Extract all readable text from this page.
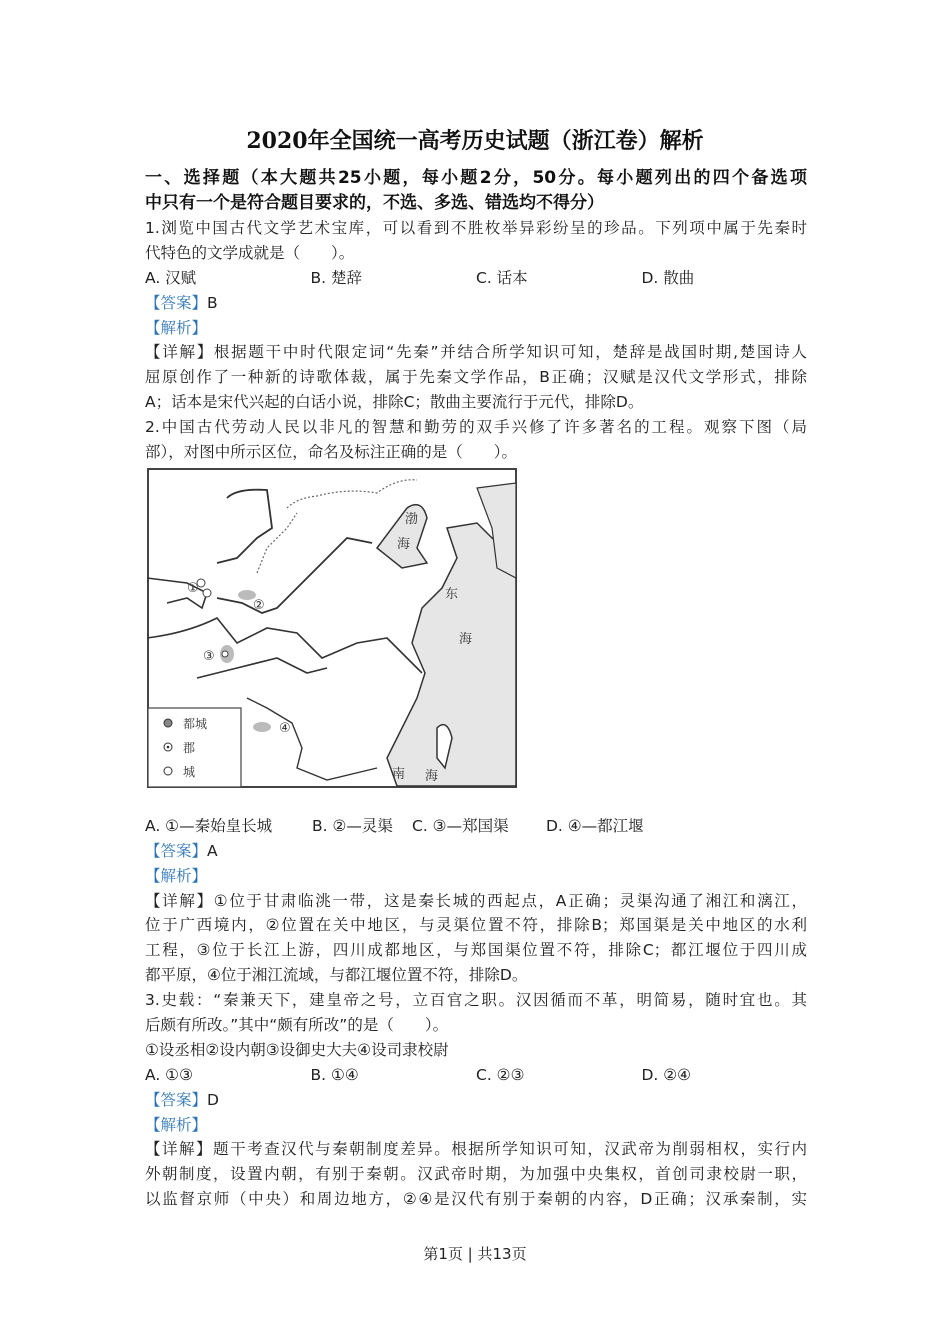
2020年全国统一高考历史试题（浙江卷）解析
一、选择题（本大题共25小题，每小题2分，50分。每小题列出的四个备选项
中只有一个是符合题目要求的，不选、多选、错选均不得分）
1.浏览中国古代文学艺术宝库，可以看到不胜枚举异彩纷呈的珍品。下列项中属于先秦时
代特色的文学成就是（　　）。
A. 汉赋	B. 楚辞	C. 话本	D. 散曲
【答案】B
【解析】
【详解】根据题干中时代限定词“先秦”并结合所学知识可知，楚辞是战国时期,楚国诗人
屈原创作了一种新的诗歌体裁，属于先秦文学作品，B正确；汉赋是汉代文学形式，排除
A；话本是宋代兴起的白话小说，排除C；散曲主要流行于元代，排除D。
2.中国古代劳动人民以非凡的智慧和勤劳的双手兴修了许多著名的工程。观察下图（局
部），对图中所示区位，命名及标注正确的是（　　）。
①
②
③
④
渤
海
东
海
南 海
都城
郡
城
A. ①—秦始皇长城	B. ②—灵渠	C. ③—郑国渠	D. ④—都江堰
【答案】A
【解析】
【详解】①位于甘肃临洮一带，这是秦长城的西起点，A正确；灵渠沟通了湘江和漓江，
位于广西境内，②位置在关中地区，与灵渠位置不符，排除B；郑国渠是关中地区的水利
工程，③位于长江上游，四川成都地区，与郑国渠位置不符，排除C；都江堰位于四川成
都平原，④位于湘江流域，与都江堰位置不符，排除D。
3.史载：“秦兼天下，建皇帝之号，立百官之职。汉因循而不革，明简易，随时宜也。其
后颇有所改。”其中“颇有所改”的是（　　）。
①设丞相②设内朝③设御史大夫④设司隶校尉
A. ①③	B. ①④	C. ②③	D. ②④
【答案】D
【解析】
【详解】题干考查汉代与秦朝制度差异。根据所学知识可知，汉武帝为削弱相权，实行内
外朝制度，设置内朝，有别于秦朝。汉武帝时期，为加强中央集权，首创司隶校尉一职，
以监督京师（中央）和周边地方，②④是汉代有别于秦朝的内容，D正确；汉承秦制，实
第1页 | 共13页
